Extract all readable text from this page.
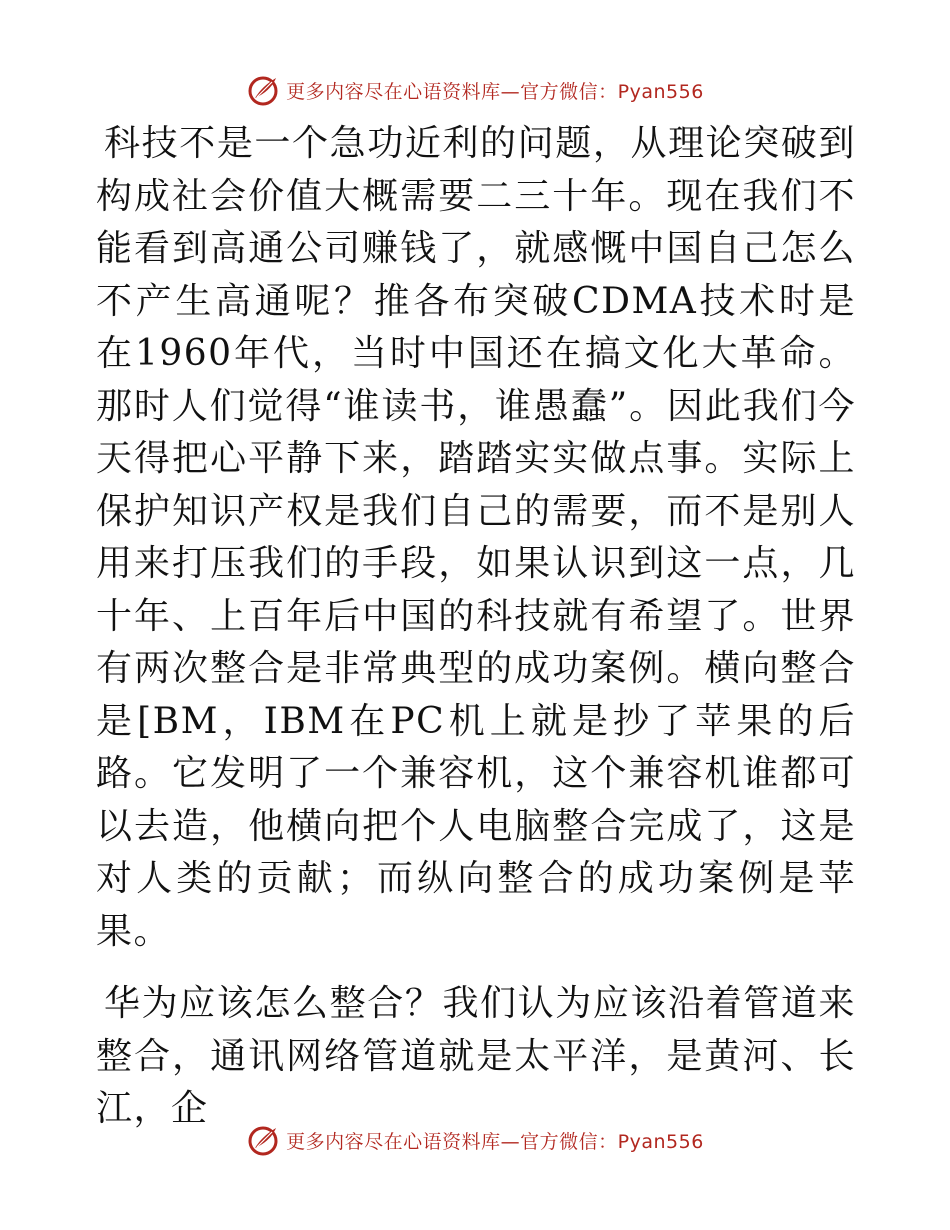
更多内容尽在心语资料库—官方微信：Pyan556

科技不是一个急功近利的问题，从理论突破到构成社会价值大概需要二三十年。现在我们不能看到高通公司赚钱了，就感慨中国自己怎么不产生高通呢？推各布突破CDMA技术时是在1960年代，当时中国还在搞文化大革命。那时人们觉得“谁读书，谁愚蠢”。因此我们今天得把心平静下来，踏踏实实做点事。实际上保护知识产权是我们自己的需要，而不是别人用来打压我们的手段，如果认识到这一点，几十年、上百年后中国的科技就有希望了。世界有两次整合是非常典型的成功案例。横向整合是[BM，IBM在PC机上就是抄了苹果的后路。它发明了一个兼容机，这个兼容机谁都可以去造，他横向把个人电脑整合完成了，这是对人类的贡献；而纵向整合的成功案例是苹果。

华为应该怎么整合？我们认为应该沿着管道来整合，通讯网络管道就是太平洋，是黄河、长江，企

更多内容尽在心语资料库—官方微信：Pyan556
